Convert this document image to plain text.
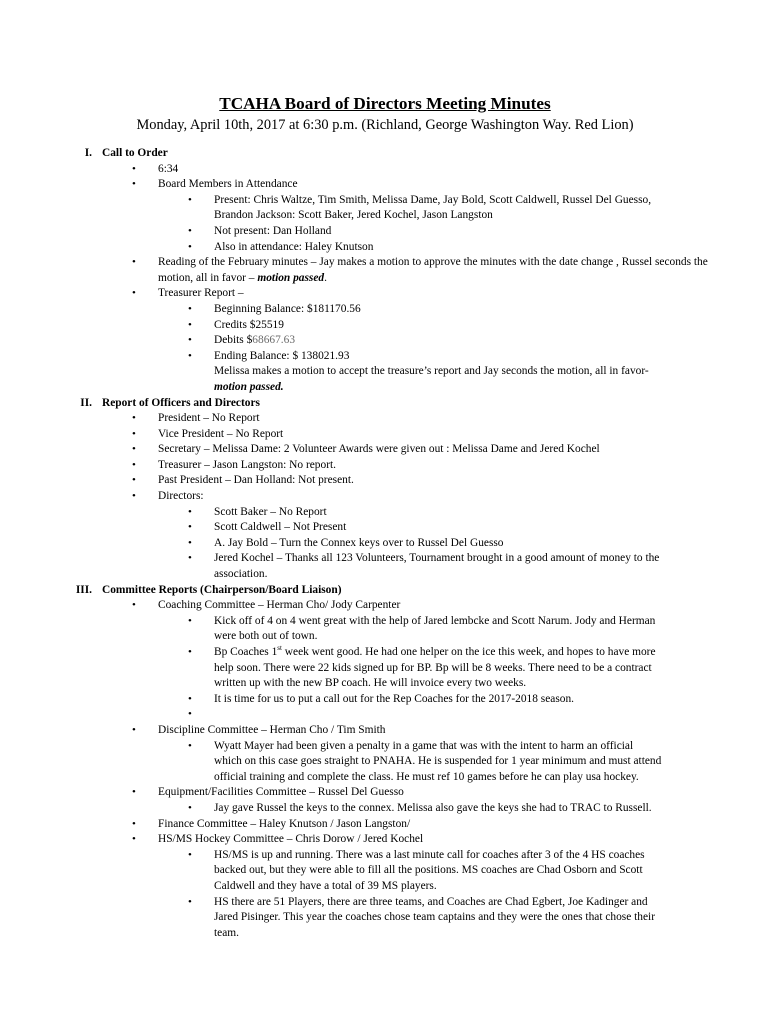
TCAHA Board of Directors Meeting Minutes
Monday, April 10th, 2017 at 6:30 p.m. (Richland, George Washington Way. Red Lion)
I. Call to Order
• 6:34
• Board Members in Attendance
• Present: Chris Waltze, Tim Smith, Melissa Dame, Jay Bold, Scott Caldwell, Russel Del Guesso, Brandon Jackson: Scott Baker, Jered Kochel, Jason Langston
• Not present: Dan Holland
• Also in attendance: Haley Knutson
• Reading of the February minutes – Jay makes a motion to approve the minutes with the date change , Russel seconds the motion, all in favor – motion passed.
• Treasurer Report –
• Beginning Balance: $181170.56
• Credits $25519
• Debits $68667.63
• Ending Balance: $ 138021.93
Melissa makes a motion to accept the treasure’s report and Jay seconds the motion, all in favor- motion passed.
II. Report of Officers and Directors
• President – No Report
• Vice President – No Report
• Secretary – Melissa Dame: 2 Volunteer Awards were given out : Melissa Dame and Jered Kochel
• Treasurer – Jason Langston: No report.
• Past President – Dan Holland: Not present.
• Directors:
• Scott Baker – No Report
• Scott Caldwell – Not Present
• A. Jay Bold – Turn the Connex keys over to Russel Del Guesso
• Jered Kochel – Thanks all 123 Volunteers, Tournament brought in a good amount of money to the association.
III. Committee Reports (Chairperson/Board Liaison)
• Coaching Committee – Herman Cho/ Jody Carpenter
• Kick off of 4 on 4 went great with the help of Jared lembcke and Scott Narum. Jody and Herman were both out of town.
• Bp Coaches 1st week went good. He had one helper on the ice this week, and hopes to have more help soon. There were 22 kids signed up for BP. Bp will be 8 weeks. There need to be a contract written up with the new BP coach. He will invoice every two weeks.
• It is time for us to put a call out for the Rep Coaches for the 2017-2018 season.
•
• Discipline Committee – Herman Cho / Tim Smith
• Wyatt Mayer had been given a penalty in a game that was with the intent to harm an official which on this case goes straight to PNAHA. He is suspended for 1 year minimum and must attend official training and complete the class. He must ref 10 games before he can play usa hockey.
• Equipment/Facilities Committee – Russel Del Guesso
• Jay gave Russel the keys to the connex. Melissa also gave the keys she had to TRAC to Russell.
• Finance Committee – Haley Knutson / Jason Langston/
• HS/MS Hockey Committee – Chris Dorow / Jered Kochel
• HS/MS is up and running. There was a last minute call for coaches after 3 of the 4 HS coaches backed out, but they were able to fill all the positions. MS coaches are Chad Osborn and Scott Caldwell and they have a total of 39 MS players.
• HS there are 51 Players, there are three teams, and Coaches are Chad Egbert, Joe Kadinger and Jared Pisinger. This year the coaches chose team captains and they were the ones that chose their team.
